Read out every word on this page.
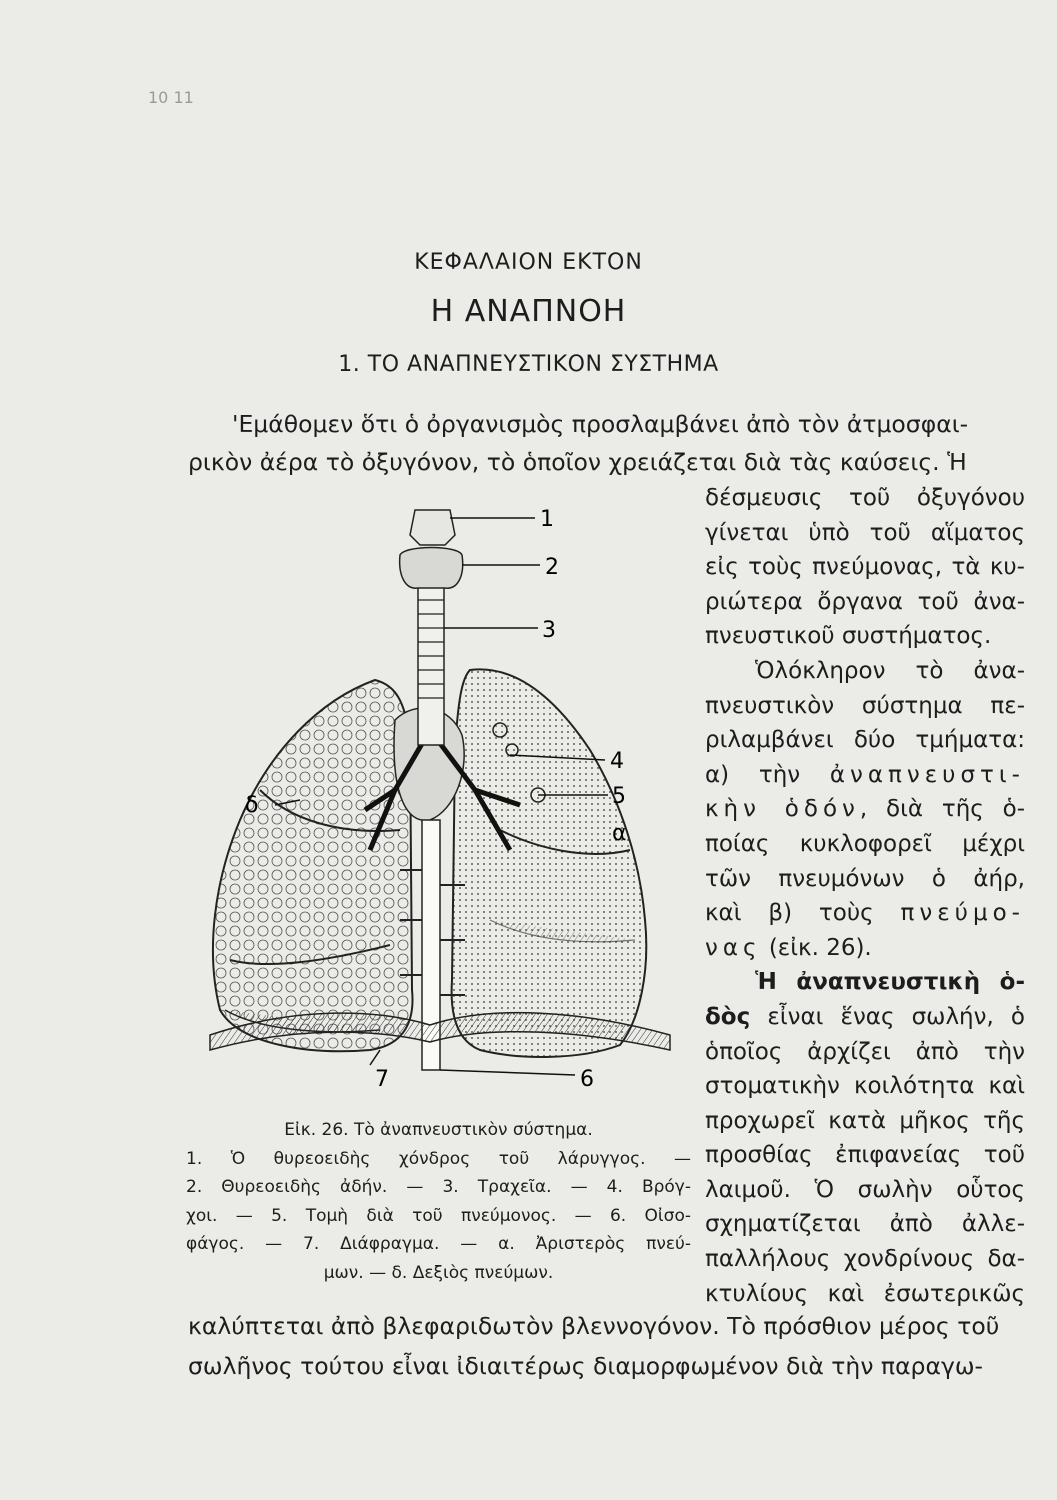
10 11
ΚΕΦΑΛΑΙΟΝ ΕΚΤΟΝ
Η ΑΝΑΠΝΟΗ
1. ΤΟ ΑΝΑΠΝΕΥΣΤΙΚΟΝ ΣΥΣΤΗΜΑ
'Εμάθομεν ὅτι ὁ ὀργανισμὸς προσλαμβάνει ἀπὸ τὸν ἀτμοσφαι-
ρικὸν ἀέρα τὸ ὀξυγόνον, τὸ ὁποῖον χρειάζεται διὰ τὰς καύσεις. Ἡ
δέσμευσις τοῦ ὀξυγόνου
γίνεται ὑπὸ τοῦ αἵματος
εἰς τοὺς πνεύμονας, τὰ κυ-
ριώτερα ὄργανα τοῦ ἀνα-
πνευστικοῦ συστήματος.
Ὁλόκληρον τὸ ἀνα-
πνευστικὸν σύστημα πε-
ριλαμβάνει δύο τμήματα:
α) τὴν ἀναπνευστι-
κὴν ὁδόν, διὰ τῆς ὁ-
ποίας κυκλοφορεῖ μέχρι
τῶν πνευμόνων ὁ ἀήρ,
καὶ β) τοὺς πνεύμο-
νας (εἰκ. 26).
Ἡ ἀναπνευστικὴ ὁ-
δὸς εἶναι ἕνας σωλήν, ὁ
ὁποῖος ἀρχίζει ἀπὸ τὴν
στοματικὴν κοιλότητα καὶ
προχωρεῖ κατὰ μῆκος τῆς
προσθίας ἐπιφανείας τοῦ
λαιμοῦ. Ὁ σωλὴν οὗτος
σχηματίζεται ἀπὸ ἀλλε-
παλλήλους χονδρίνους δα-
κτυλίους καὶ ἐσωτερικῶς
1
2
3
4
5
α
δ
7	6
Εἰκ. 26. Τὸ ἀναπνευστικὸν σύστημα.
1. Ὁ θυρεοειδὴς χόνδρος τοῦ λάρυγγος. —
2. Θυρεοειδὴς ἀδήν. — 3. Τραχεῖα. — 4. Βρόγ-
χοι. — 5. Τομὴ διὰ τοῦ πνεύμονος. — 6. Οἰσο-
φάγος. — 7. Διάφραγμα. — α. Ἀριστερὸς πνεύ-
μων. — δ. Δεξιὸς πνεύμων.
καλύπτεται ἀπὸ βλεφαριδωτὸν βλεννογόνον. Τὸ πρόσθιον μέρος τοῦ
σωλῆνος τούτου εἶναι ἰδιαιτέρως διαμορφωμένον διὰ τὴν παραγω-
